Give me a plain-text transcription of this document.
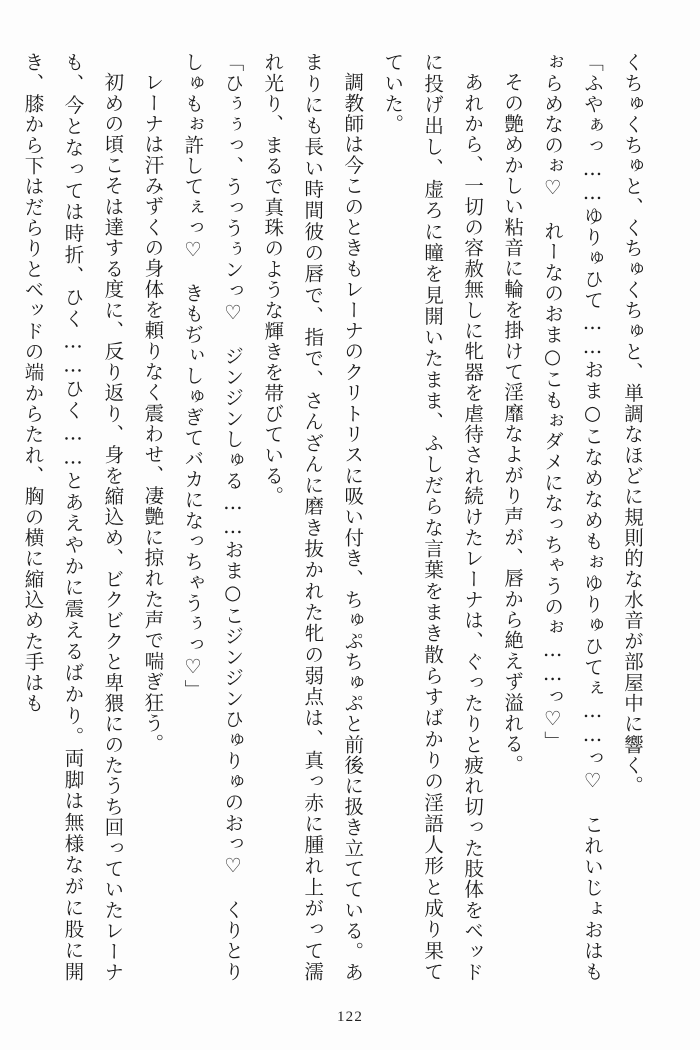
くちゅくちゅと、くちゅくちゅと、単調なほどに規則的な水音が部屋中に響く。

「ふやぁっ……ゆりゅひて……おま○こなめなめもぉゆりゅひてぇ……っ♡　これいじょおはもぉらめなのぉ♡　れーなのおま○こもぉダメになっちゃうのぉ……っ♡」

その艶めかしい粘音に輪を掛けて淫靡なよがり声が、唇から絶えず溢れる。

あれから、一切の容赦無しに牝器を虐待され続けたレーナは、ぐったりと疲れ切った肢体をベッドに投げ出し、虚ろに瞳を見開いたまま、ふしだらな言葉をまき散らすばかりの淫語人形と成り果てていた。

調教師は今このときもレーナのクリトリスに吸い付き、ちゅぷちゅぷと前後に扱き立てている。あまりにも長い時間彼の唇で、指で、さんざんに磨き抜かれた牝の弱点は、真っ赤に腫れ上がって濡れ光り、まるで真珠のような輝きを帯びている。

「ひぅぅっ、うっうぅンっ♡　ジンジンしゅる……おま○こジンジンひゅりゅのおっ♡　くりとりしゅもぉ許してぇっ♡　きもぢぃしゅぎてバカになっちゃうぅっ♡」

レーナは汗みずくの身体を頼りなく震わせ、凄艶に掠れた声で喘ぎ狂う。

初めの頃こそは達する度に、反り返り、身を縮込め、ビクビクと卑猥にのたうち回っていたレーナも、今となっては時折、ひく……ひく……とあえやかに震えるばかり。両脚は無様ながに股に開き、膝から下はだらりとベッドの端からたれ、胸の横に縮込めた手はも

122
